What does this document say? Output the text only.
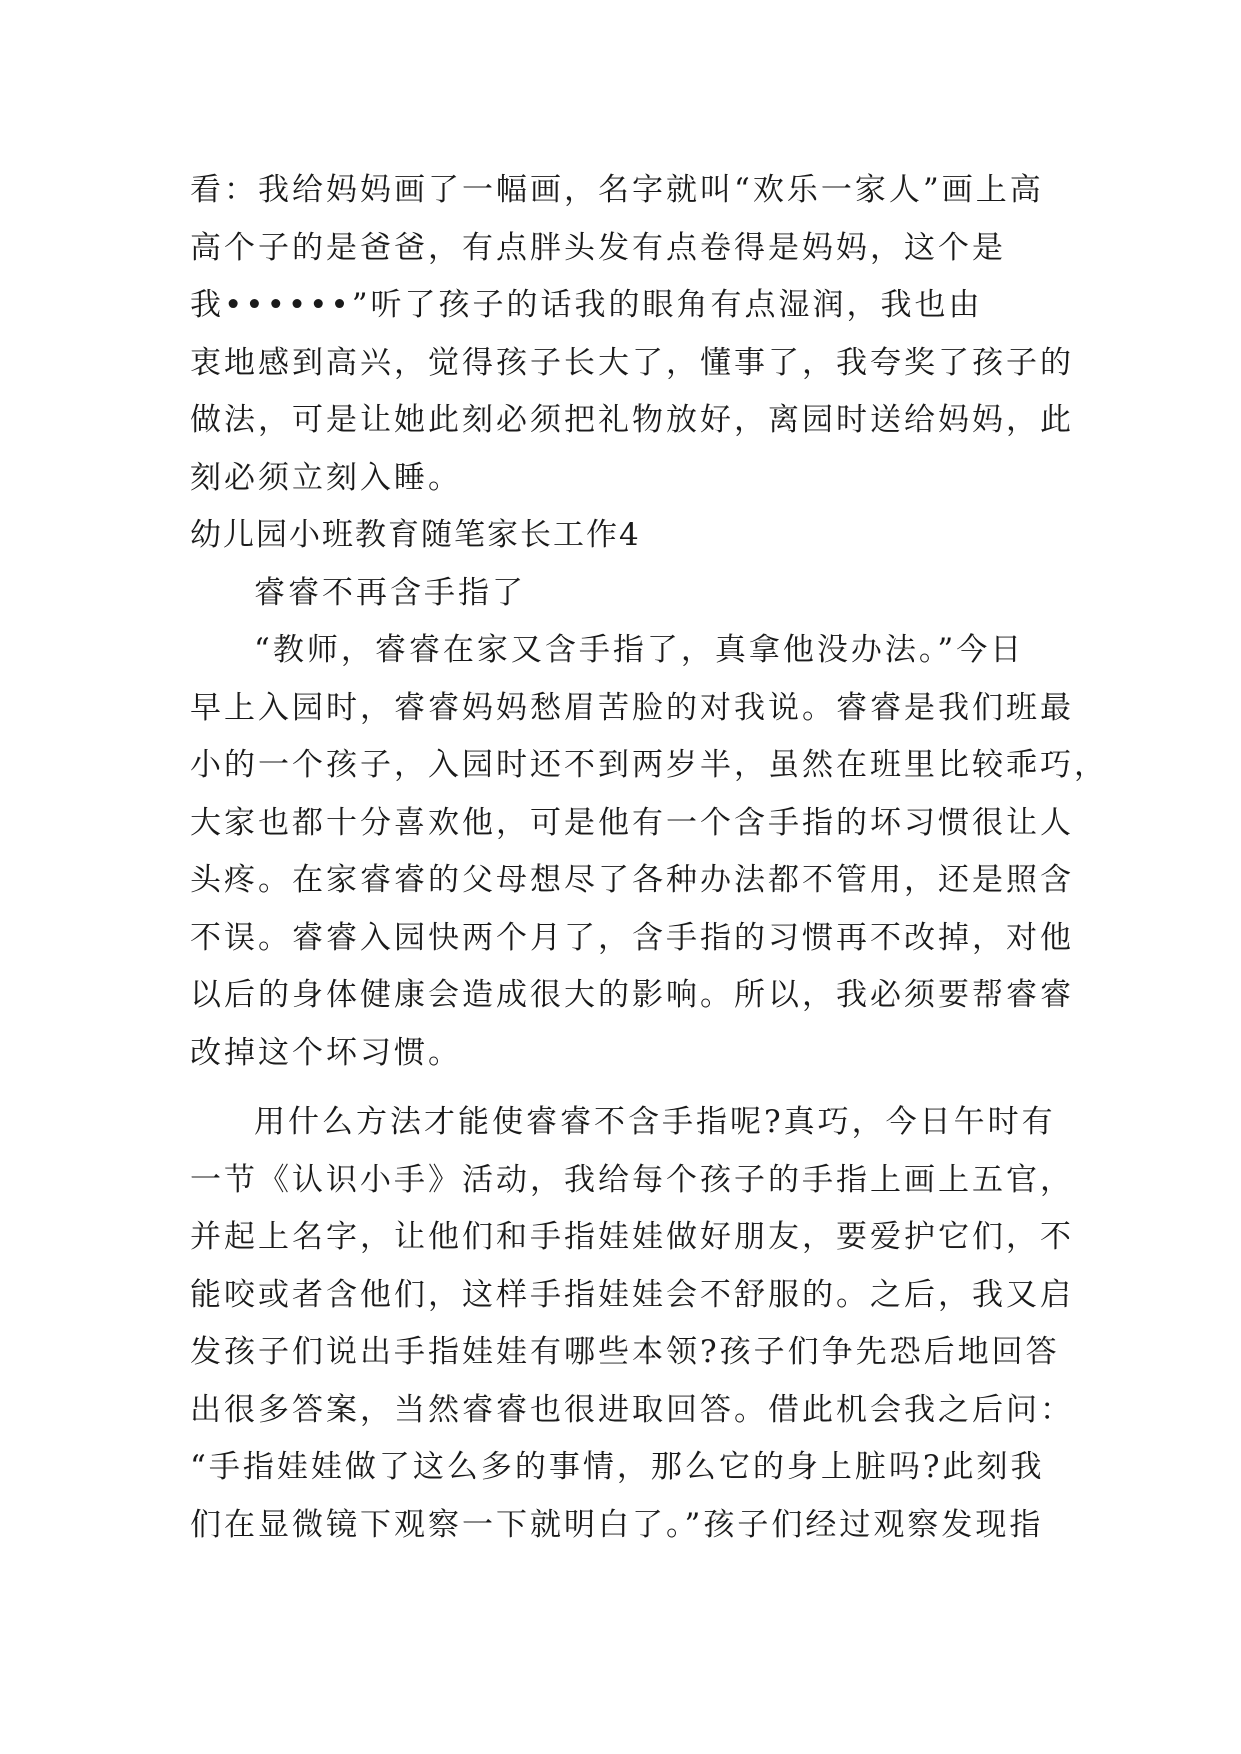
看：我给妈妈画了一幅画，名字就叫“欢乐一家人”画上高
高个子的是爸爸，有点胖头发有点卷得是妈妈，这个是
我••••••”听了孩子的话我的眼角有点湿润，我也由
衷地感到高兴，觉得孩子长大了，懂事了，我夸奖了孩子的
做法，可是让她此刻必须把礼物放好，离园时送给妈妈，此
刻必须立刻入睡。
幼儿园小班教育随笔家长工作4
睿睿不再含手指了
“教师，睿睿在家又含手指了，真拿他没办法。”今日
早上入园时，睿睿妈妈愁眉苦脸的对我说。睿睿是我们班最
小的一个孩子，入园时还不到两岁半，虽然在班里比较乖巧，
大家也都十分喜欢他，可是他有一个含手指的坏习惯很让人
头疼。在家睿睿的父母想尽了各种办法都不管用，还是照含
不误。睿睿入园快两个月了，含手指的习惯再不改掉，对他
以后的身体健康会造成很大的影响。所以，我必须要帮睿睿
改掉这个坏习惯。
用什么方法才能使睿睿不含手指呢?真巧，今日午时有
一节《认识小手》活动，我给每个孩子的手指上画上五官，
并起上名字，让他们和手指娃娃做好朋友，要爱护它们，不
能咬或者含他们，这样手指娃娃会不舒服的。之后，我又启
发孩子们说出手指娃娃有哪些本领?孩子们争先恐后地回答
出很多答案，当然睿睿也很进取回答。借此机会我之后问：
“手指娃娃做了这么多的事情，那么它的身上脏吗?此刻我
们在显微镜下观察一下就明白了。”孩子们经过观察发现指
